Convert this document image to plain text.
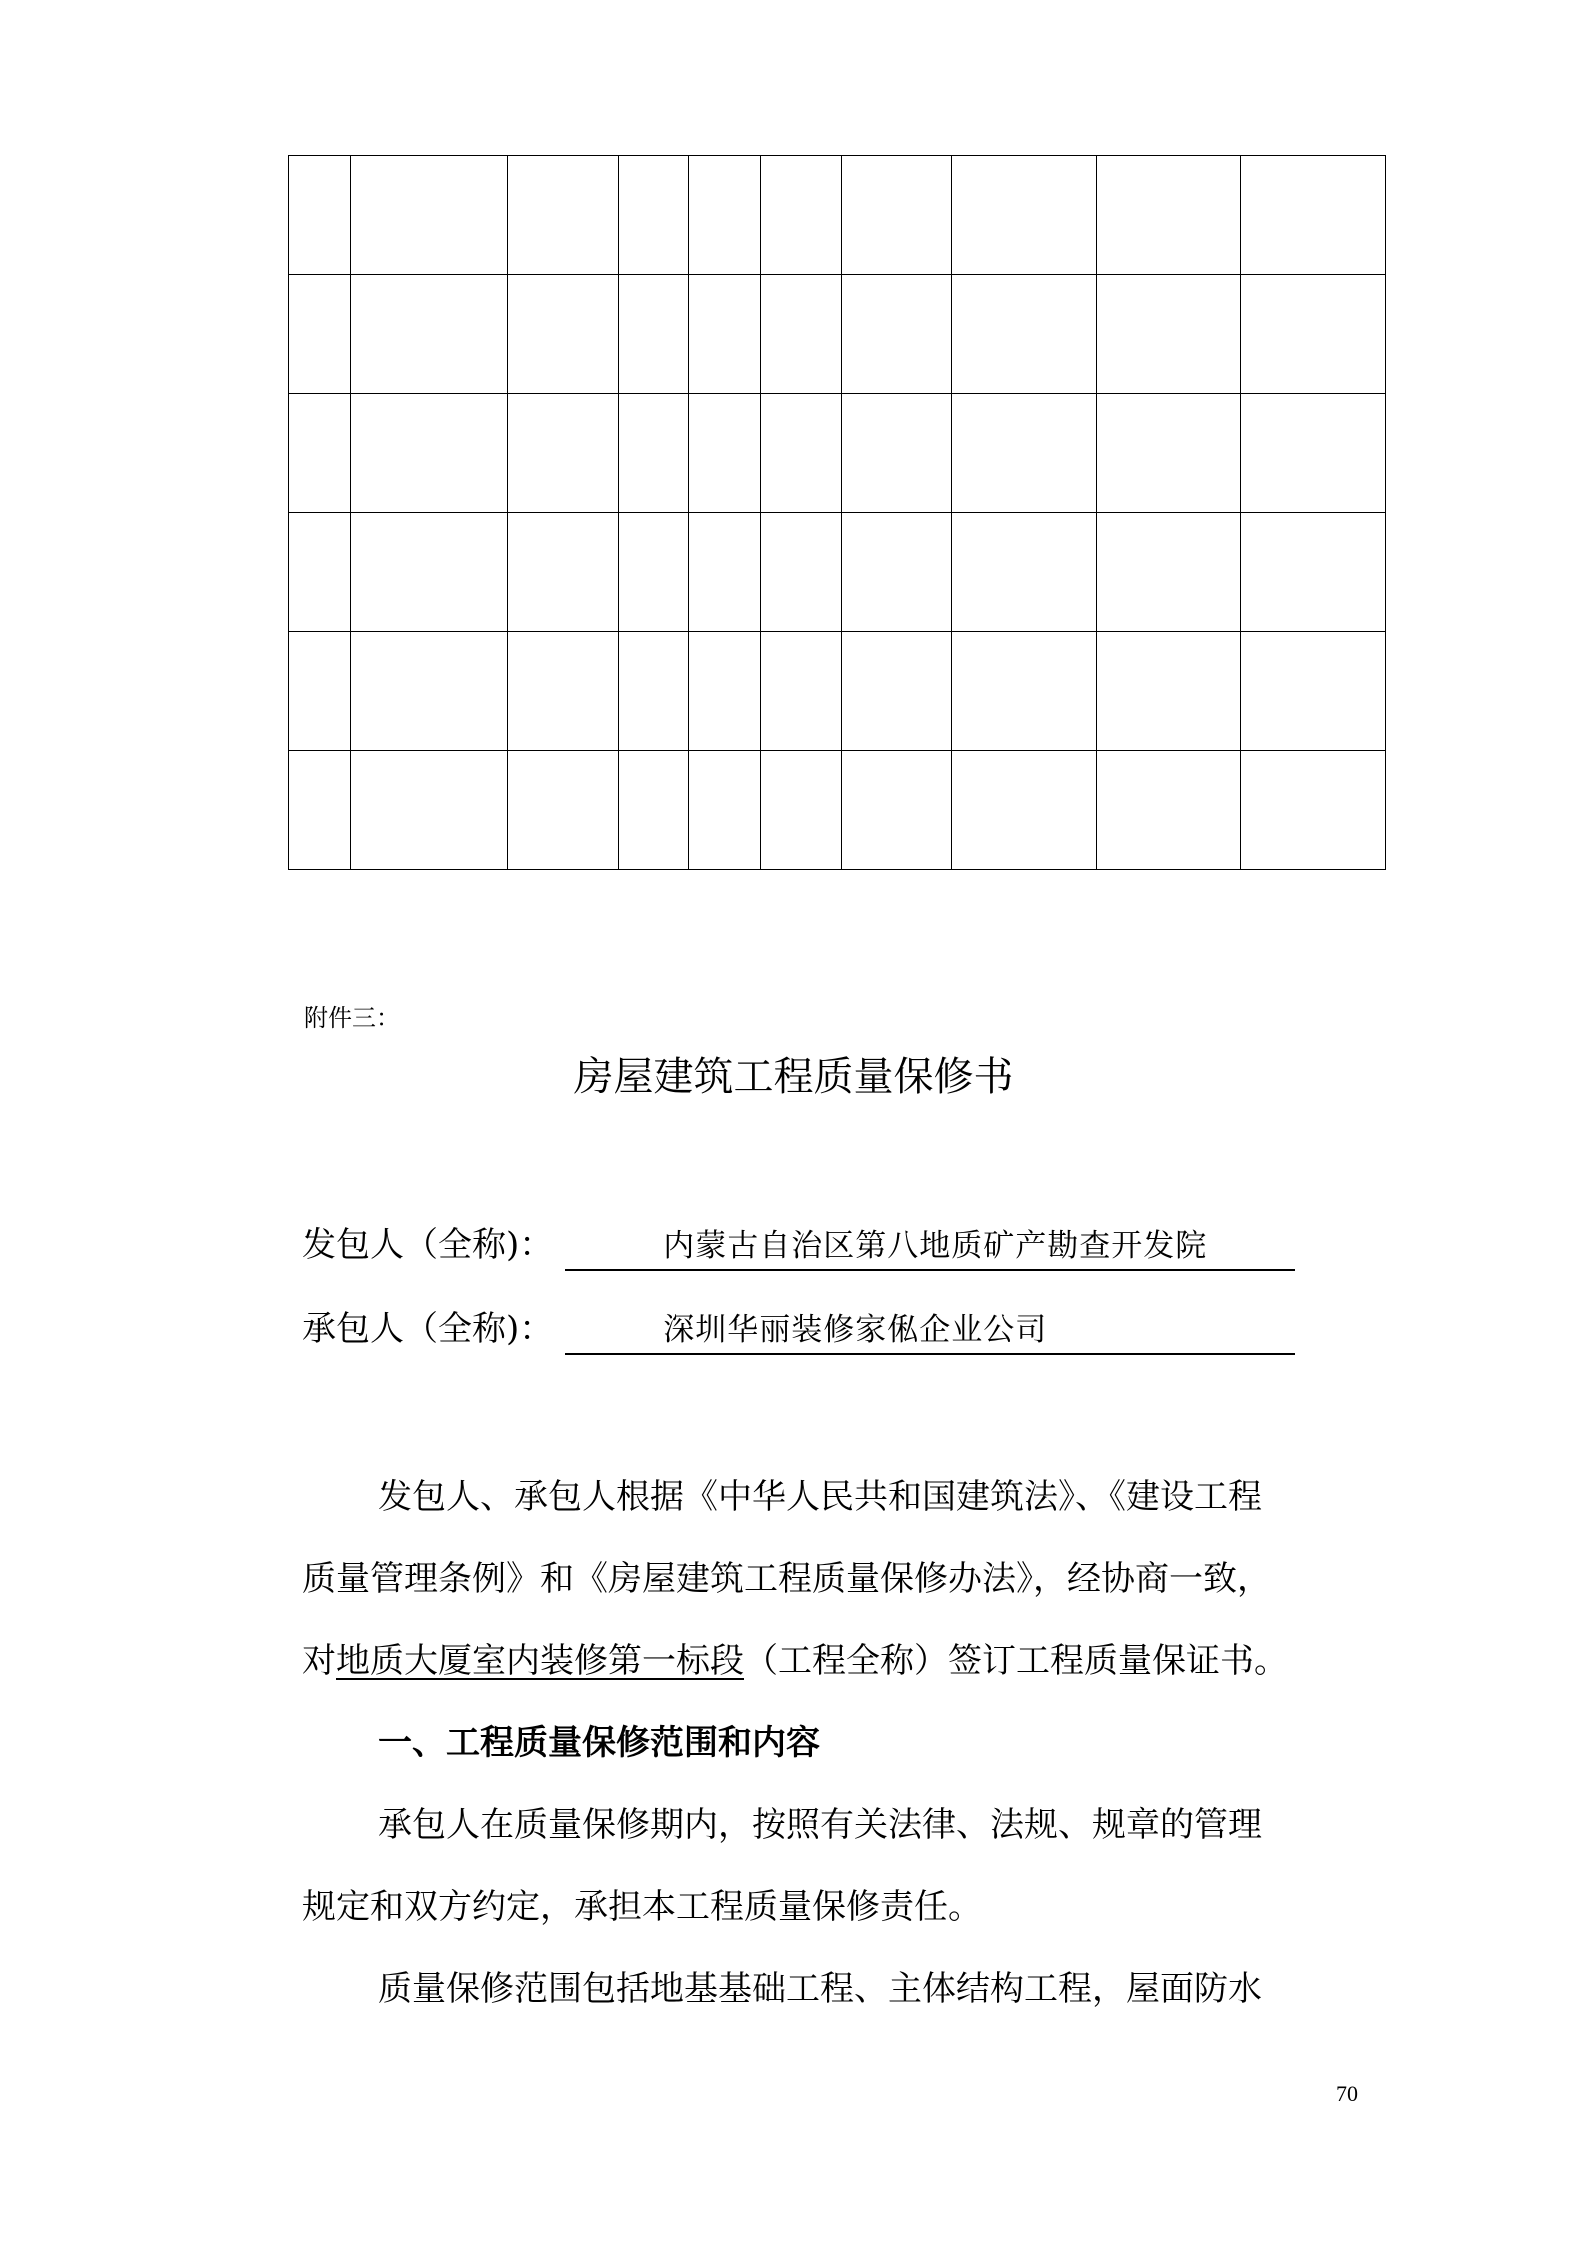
附件三：
房屋建筑工程质量保修书
发包人（全称)：	内蒙古自治区第八地质矿产勘查开发院
承包人（全称)：	深圳华丽装修家俬企业公司
发包人、承包人根据《中华人民共和国建筑法》、《建设工程
质量管理条例》和《房屋建筑工程质量保修办法》，经协商一致，
对地质大厦室内装修第一标段（工程全称）签订工程质量保证书。
一、工程质量保修范围和内容
承包人在质量保修期内，按照有关法律、法规、规章的管理
规定和双方约定，承担本工程质量保修责任。
质量保修范围包括地基基础工程、主体结构工程，屋面防水
70
